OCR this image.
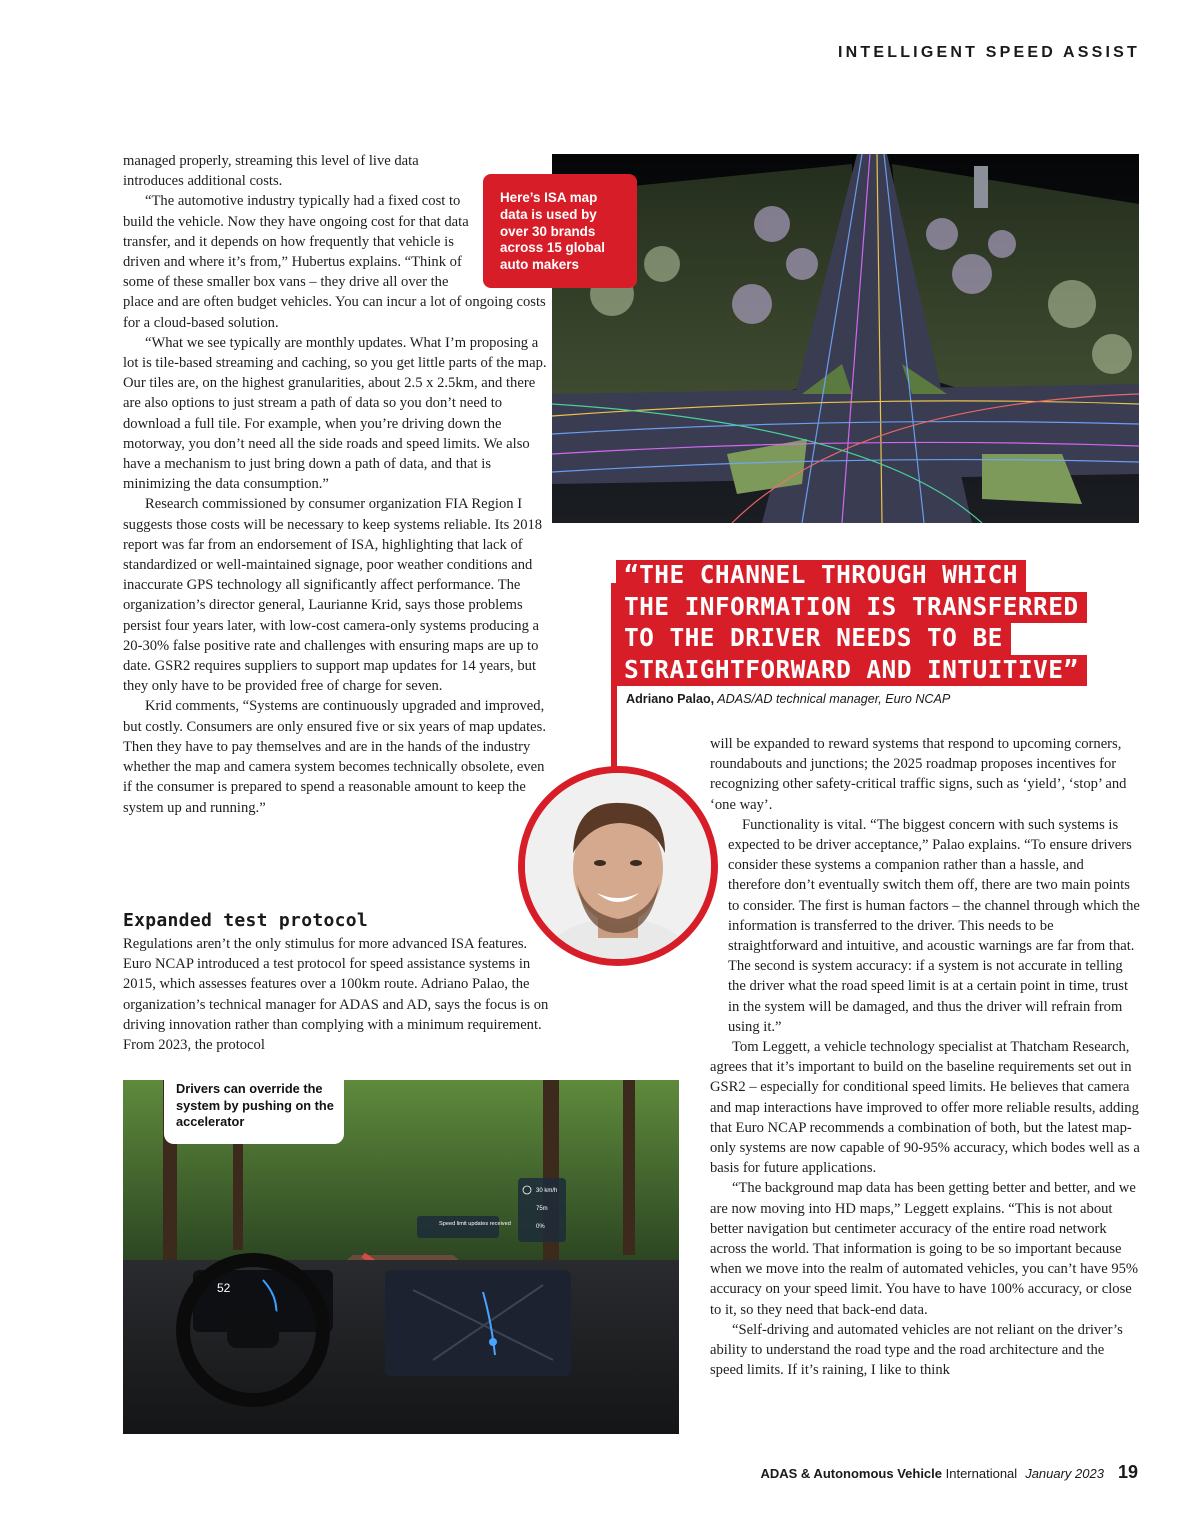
INTELLIGENT SPEED ASSIST

managed properly, streaming this level of live data introduces additional costs.

“The automotive industry typically had a fixed cost to build the vehicle. Now they have ongoing cost for that data transfer, and it depends on how frequently that vehicle is driven and where it’s from,” Hubertus explains. “Think of some of these smaller box vans – they drive all over the place and are often budget vehicles. You can incur a lot of ongoing costs for a cloud-based solution.

“What we see typically are monthly updates. What I’m proposing a lot is tile-based streaming and caching, so you get little parts of the map. Our tiles are, on the highest granularities, about 2.5 x 2.5km, and there are also options to just stream a path of data so you don’t need to download a full tile. For example, when you’re driving down the motorway, you don’t need all the side roads and speed limits. We also have a mechanism to just bring down a path of data, and that is minimizing the data consumption.”

Research commissioned by consumer organization FIA Region I suggests those costs will be necessary to keep systems reliable. Its 2018 report was far from an endorsement of ISA, highlighting that lack of standardized or well-maintained signage, poor weather conditions and inaccurate GPS technology all significantly affect performance. The organization’s director general, Laurianne Krid, says those problems persist four years later, with low-cost camera-only systems producing a 20-30% false positive rate and challenges with ensuring maps are up to date. GSR2 requires suppliers to support map updates for 14 years, but they only have to be provided free of charge for seven.

Krid comments, “Systems are continuously upgraded and improved, but costly. Consumers are only ensured five or six years of map updates. Then they have to pay themselves and are in the hands of the industry whether the map and camera system becomes technically obsolete, even if the consumer is prepared to spend a reasonable amount to keep the system up and running.”

Expanded test protocol

Regulations aren’t the only stimulus for more advanced ISA features. Euro NCAP introduced a test protocol for speed assistance systems in 2015, which assesses features over a 100km route. Adriano Palao, the organization’s technical manager for ADAS and AD, says the focus is on driving innovation rather than complying with a minimum requirement. From 2023, the protocol

Here’s ISA map data is used by over 30 brands across 15 global auto makers
“THE CHANNEL THROUGH WHICH
THE INFORMATION IS TRANSFERRED
TO THE DRIVER NEEDS TO BE
STRAIGHTFORWARD AND INTUITIVE”
Adriano Palao, ADAS/AD technical manager, Euro NCAP

will be expanded to reward systems that respond to upcoming corners, roundabouts and junctions; the 2025 roadmap proposes incentives for recognizing other safety-critical traffic signs, such as ‘yield’, ‘stop’ and ‘one way’.

Functionality is vital. “The biggest concern with such systems is expected to be driver acceptance,” Palao explains. “To ensure drivers consider these systems a companion rather than a hassle, and therefore don’t eventually switch them off, there are two main points to consider. The first is human factors – the channel through which the information is transferred to the driver. This needs to be straightforward and intuitive, and acoustic warnings are far from that. The second is system accuracy: if a system is not accurate in telling the driver what the road speed limit is at a certain point in time, trust in the system will be damaged, and thus the driver will refrain from using it.”

Tom Leggett, a vehicle technology specialist at Thatcham Research, agrees that it’s important to build on the baseline requirements set out in GSR2 – especially for conditional speed limits. He believes that camera and map interactions have improved to offer more reliable results, adding that Euro NCAP recommends a combination of both, but the latest map-only systems are now capable of 90-95% accuracy, which bodes well as a basis for future applications.

“The background map data has been getting better and better, and we are now moving into HD maps,” Leggett explains. “This is not about better navigation but centimeter accuracy of the entire road network across the world. That information is going to be so important because when we move into the realm of automated vehicles, you can’t have 95% accuracy on your speed limit. You have to have 100% accuracy, or close to it, so they need that back-end data.

“Self-driving and automated vehicles are not reliant on the driver’s ability to understand the road type and the road architecture and the speed limits. If it’s raining, I like to think

30 km/h
75m
0%
Speed limit updates received
52
Drivers can override the system by pushing on the accelerator
ADAS & Autonomous Vehicle International January 2023 19
